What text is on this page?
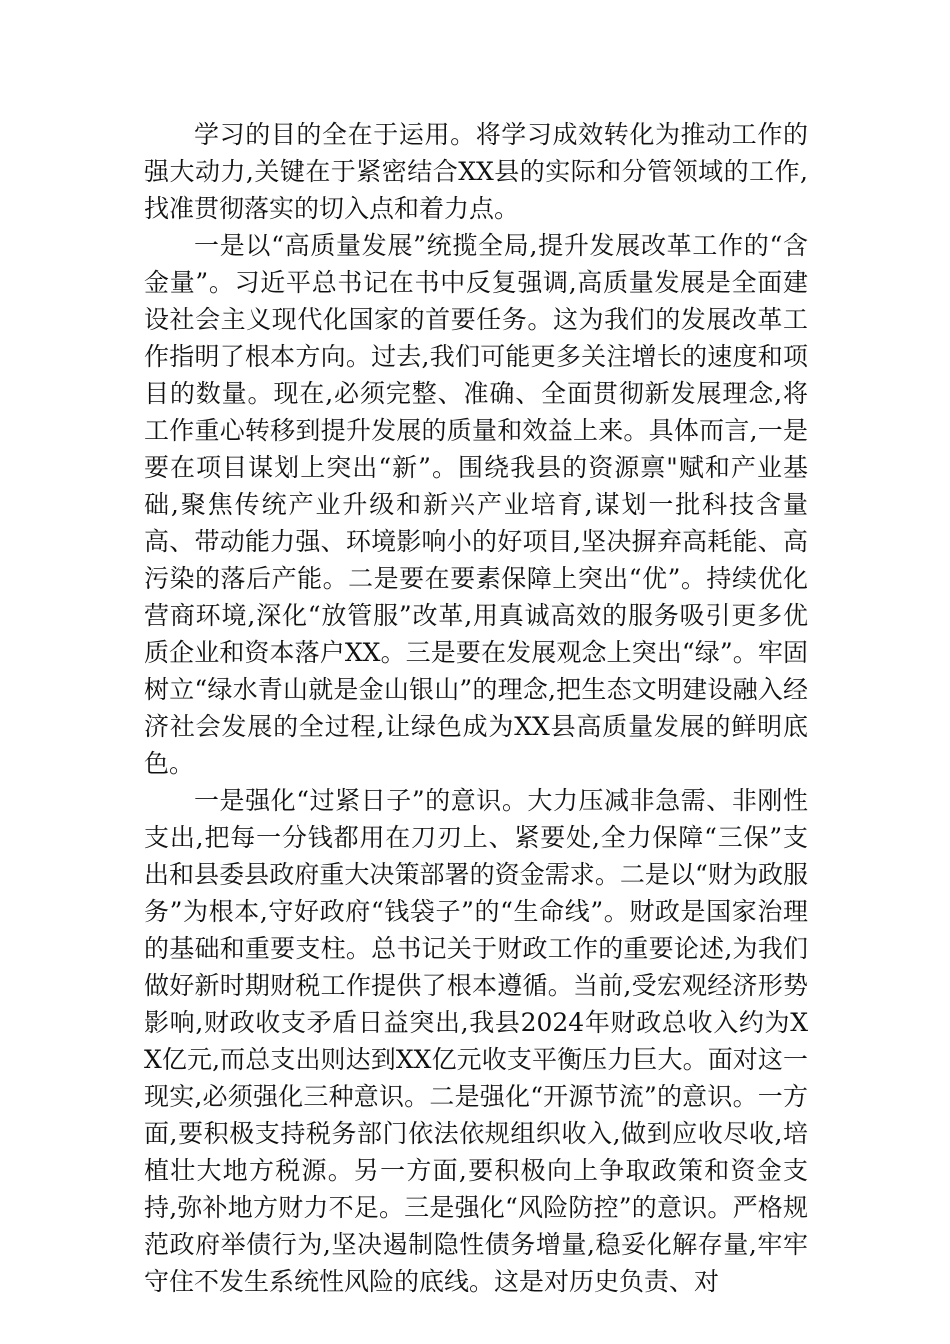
学习的目的全在于运用。将学习成效转化为推动工作的强大动力,关键在于紧密结合XX县的实际和分管领域的工作,找准贯彻落实的切入点和着力点。

一是以“高质量发展”统揽全局,提升发展改革工作的“含金量”。习近平总书记在书中反复强调,高质量发展是全面建设社会主义现代化国家的首要任务。这为我们的发展改革工作指明了根本方向。过去,我们可能更多关注增长的速度和项目的数量。现在,必须完整、准确、全面贯彻新发展理念,将工作重心转移到提升发展的质量和效益上来。具体而言,一是要在项目谋划上突出“新”。围绕我县的资源禀"赋和产业基础,聚焦传统产业升级和新兴产业培育,谋划一批科技含量高、带动能力强、环境影响小的好项目,坚决摒弃高耗能、高污染的落后产能。二是要在要素保障上突出“优”。持续优化营商环境,深化“放管服”改革,用真诚高效的服务吸引更多优质企业和资本落户XX。三是要在发展观念上突出“绿”。牢固树立“绿水青山就是金山银山”的理念,把生态文明建设融入经济社会发展的全过程,让绿色成为XX县高质量发展的鲜明底色。

一是强化“过紧日子”的意识。大力压减非急需、非刚性支出,把每一分钱都用在刀刃上、紧要处,全力保障“三保”支出和县委县政府重大决策部署的资金需求。二是以“财为政服务”为根本,守好政府“钱袋子”的“生命线”。财政是国家治理的基础和重要支柱。总书记关于财政工作的重要论述,为我们做好新时期财税工作提供了根本遵循。当前,受宏观经济形势影响,财政收支矛盾日益突出,我县2024年财政总收入约为XX亿元,而总支出则达到XX亿元收支平衡压力巨大。面对这一现实,必须强化三种意识。二是强化“开源节流”的意识。一方面,要积极支持税务部门依法依规组织收入,做到应收尽收,培植壮大地方税源。另一方面,要积极向上争取政策和资金支持,弥补地方财力不足。三是强化“风险防控”的意识。严格规范政府举债行为,坚决遏制隐性债务增量,稳妥化解存量,牢牢守住不发生系统性风险的底线。这是对历史负责、对
